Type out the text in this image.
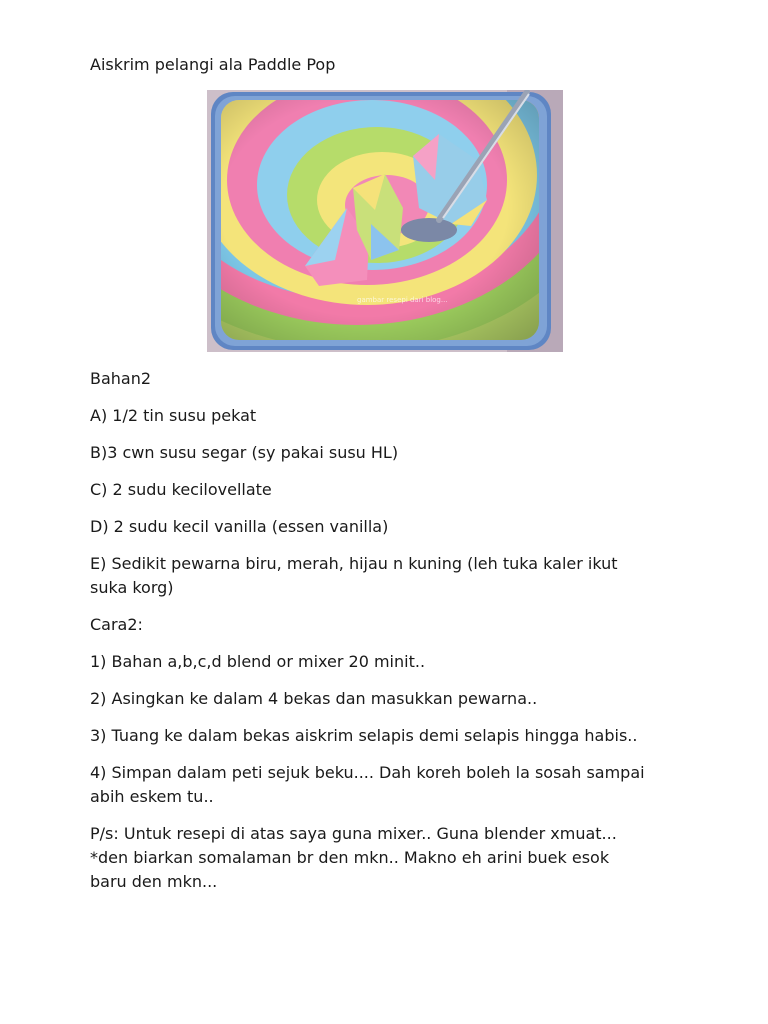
Aiskrim pelangi ala Paddle Pop
gambar resepi dari blog...

Bahan2

A) 1/2 tin susu pekat

B)3 cwn susu segar (sy pakai susu HL)

C) 2 sudu kecilovellate

D) 2 sudu kecil vanilla (essen vanilla)

E) Sedikit pewarna biru, merah, hijau n kuning (leh tuka kaler ikut suka korg)

Cara2:

1) Bahan a,b,c,d blend or mixer 20 minit..

2) Asingkan ke dalam 4 bekas dan masukkan pewarna..

3) Tuang ke dalam bekas aiskrim selapis demi selapis hingga habis..

4) Simpan dalam peti sejuk beku.... Dah koreh boleh la sosah sampai abih eskem tu..

P/s: Untuk resepi di atas saya guna mixer.. Guna blender xmuat... *den biarkan somalaman br den mkn.. Makno eh arini buek esok baru den mkn...
